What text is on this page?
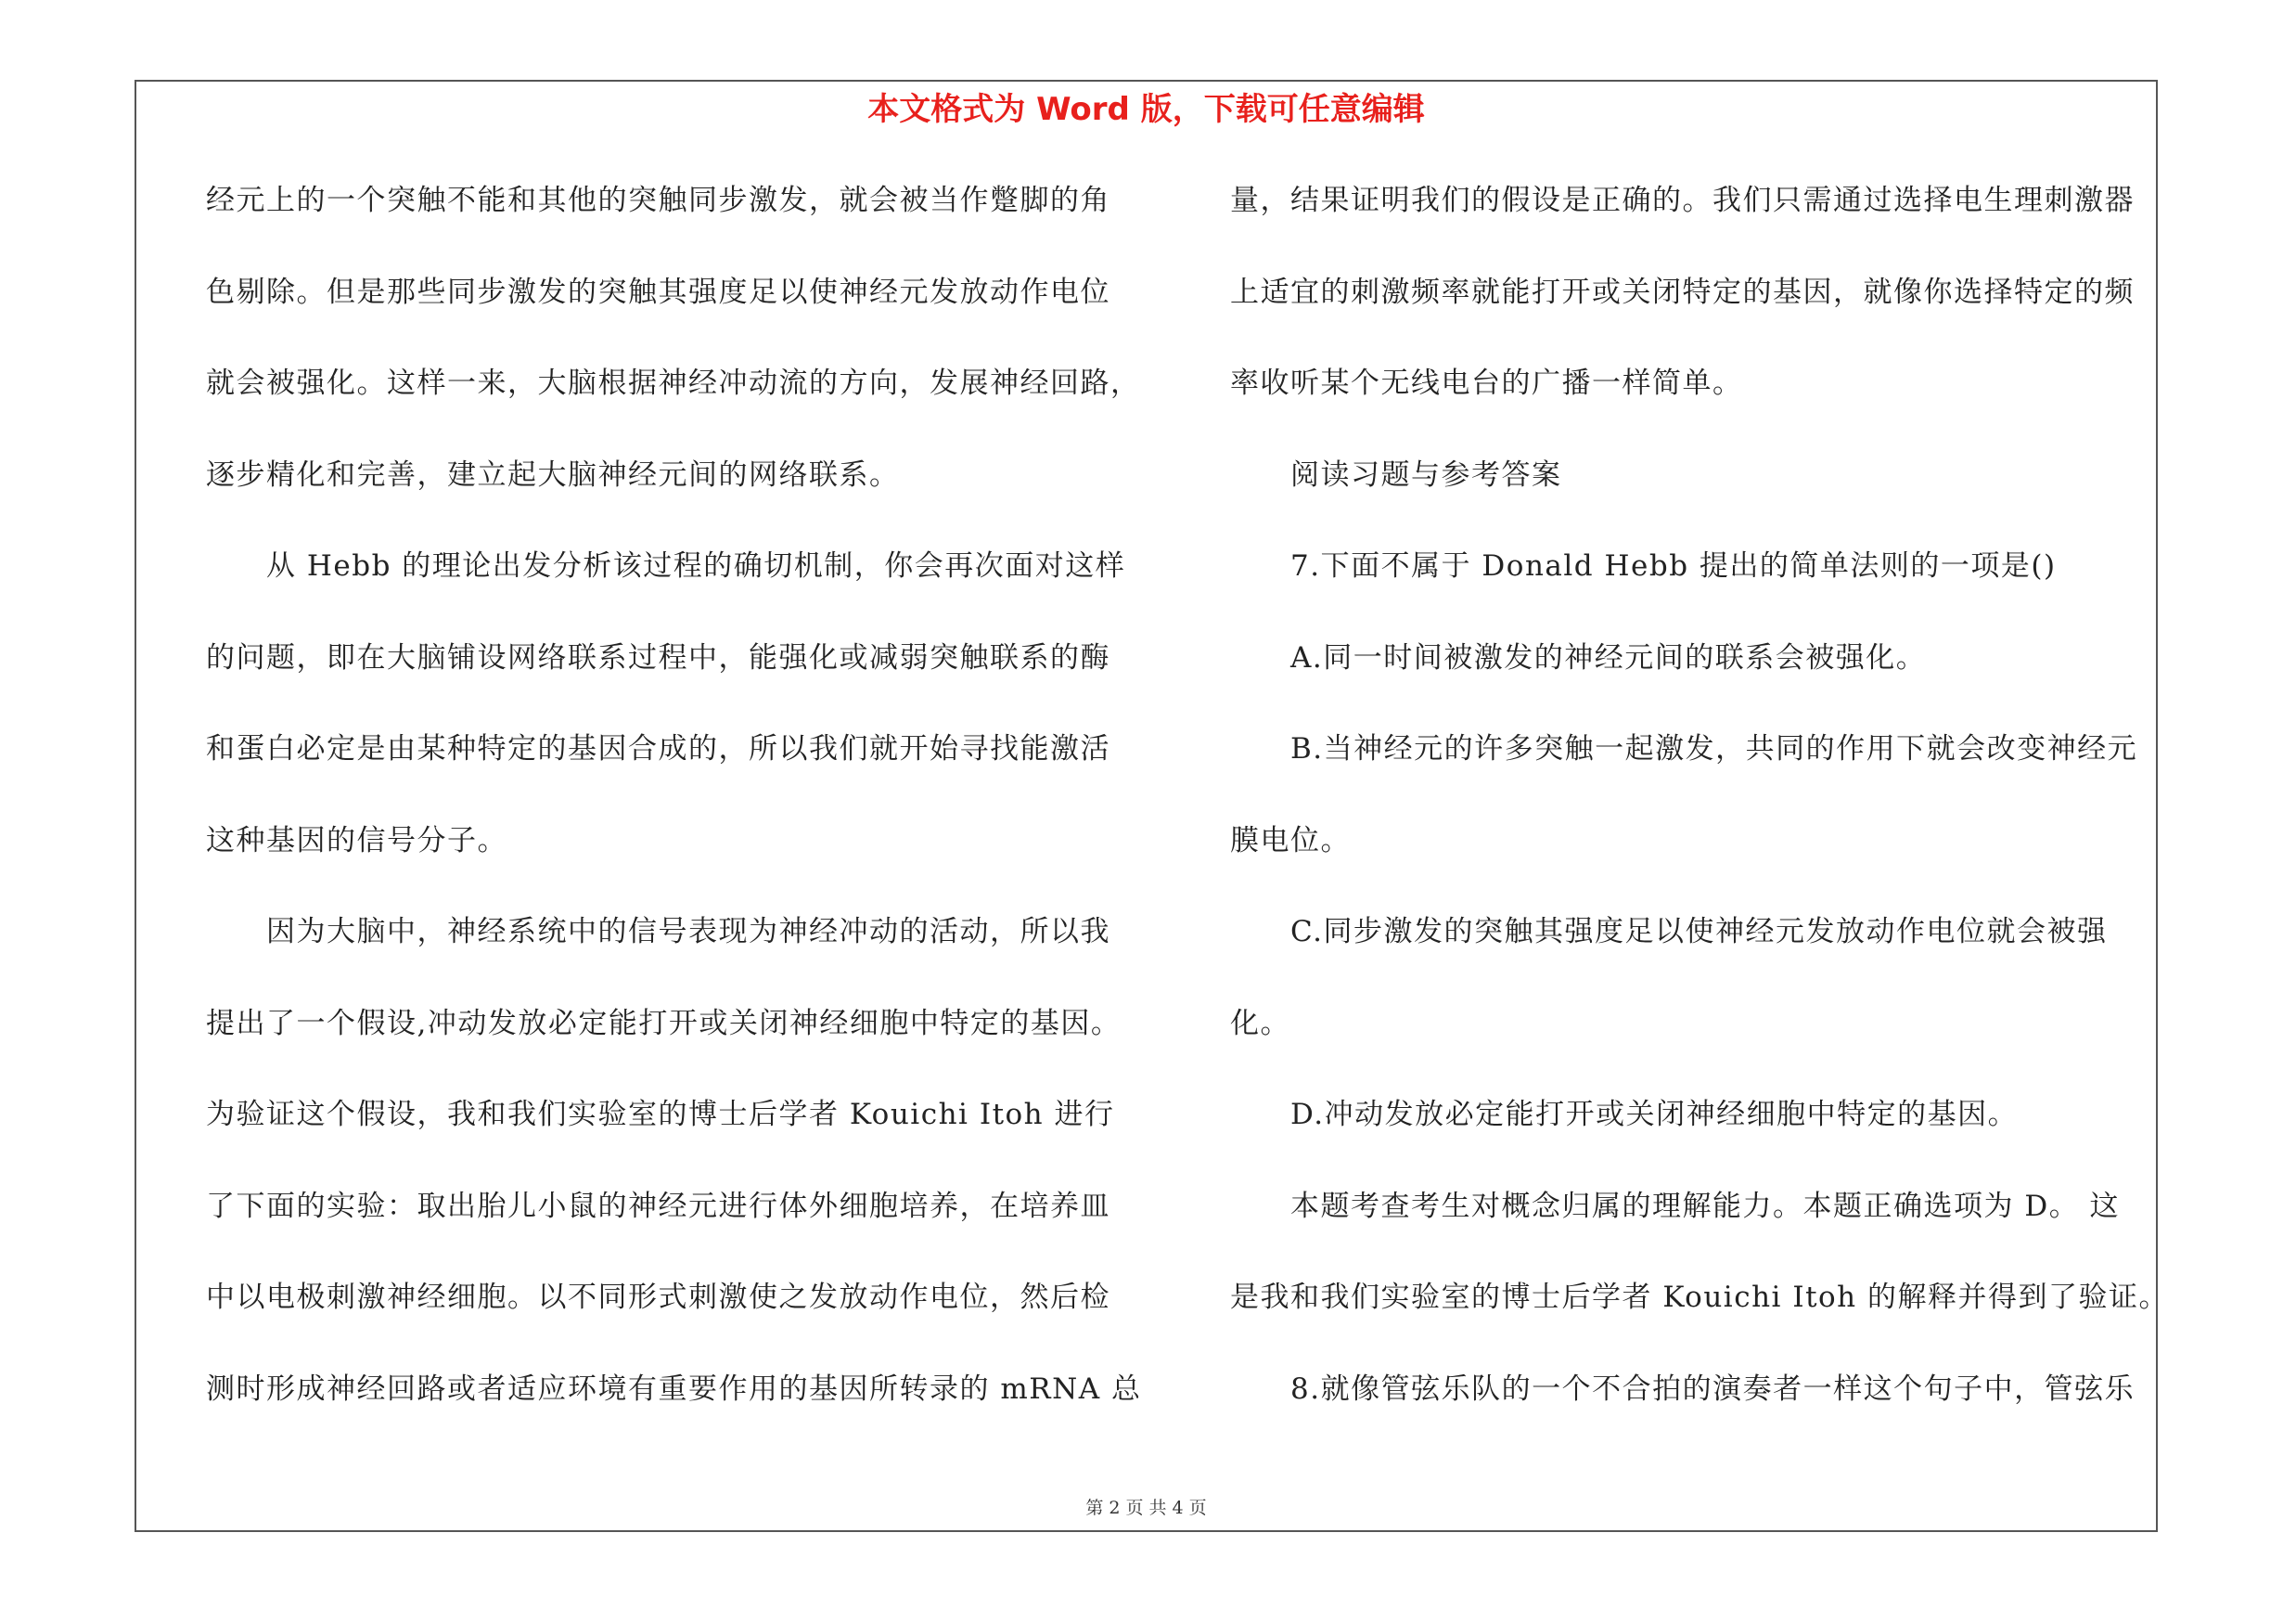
本文格式为 Word 版，下载可任意编辑
经元上的一个突触不能和其他的突触同步激发，就会被当作蹩脚的角
色剔除。但是那些同步激发的突触其强度足以使神经元发放动作电位
就会被强化。这样一来，大脑根据神经冲动流的方向，发展神经回路，
逐步精化和完善，建立起大脑神经元间的网络联系。
　　从 Hebb 的理论出发分析该过程的确切机制，你会再次面对这样
的问题，即在大脑铺设网络联系过程中，能强化或减弱突触联系的酶
和蛋白必定是由某种特定的基因合成的，所以我们就开始寻找能激活
这种基因的信号分子。
　　因为大脑中，神经系统中的信号表现为神经冲动的活动，所以我
提出了一个假设,冲动发放必定能打开或关闭神经细胞中特定的基因。
为验证这个假设，我和我们实验室的博士后学者 Kouichi Itoh 进行
了下面的实验：取出胎儿小鼠的神经元进行体外细胞培养，在培养皿
中以电极刺激神经细胞。以不同形式刺激使之发放动作电位，然后检
测时形成神经回路或者适应环境有重要作用的基因所转录的 mRNA 总
量，结果证明我们的假设是正确的。我们只需通过选择电生理刺激器
上适宜的刺激频率就能打开或关闭特定的基因，就像你选择特定的频
率收听某个无线电台的广播一样简单。
　　阅读习题与参考答案
　　7.下面不属于 Donald Hebb 提出的简单法则的一项是()
　　A.同一时间被激发的神经元间的联系会被强化。
　　B.当神经元的许多突触一起激发，共同的作用下就会改变神经元
膜电位。
　　C.同步激发的突触其强度足以使神经元发放动作电位就会被强
化。
　　D.冲动发放必定能打开或关闭神经细胞中特定的基因。
　　本题考查考生对概念归属的理解能力。本题正确选项为 D。 这
是我和我们实验室的博士后学者 Kouichi Itoh 的解释并得到了验证。
　　8.就像管弦乐队的一个不合拍的演奏者一样这个句子中，管弦乐
第 2 页 共 4 页
